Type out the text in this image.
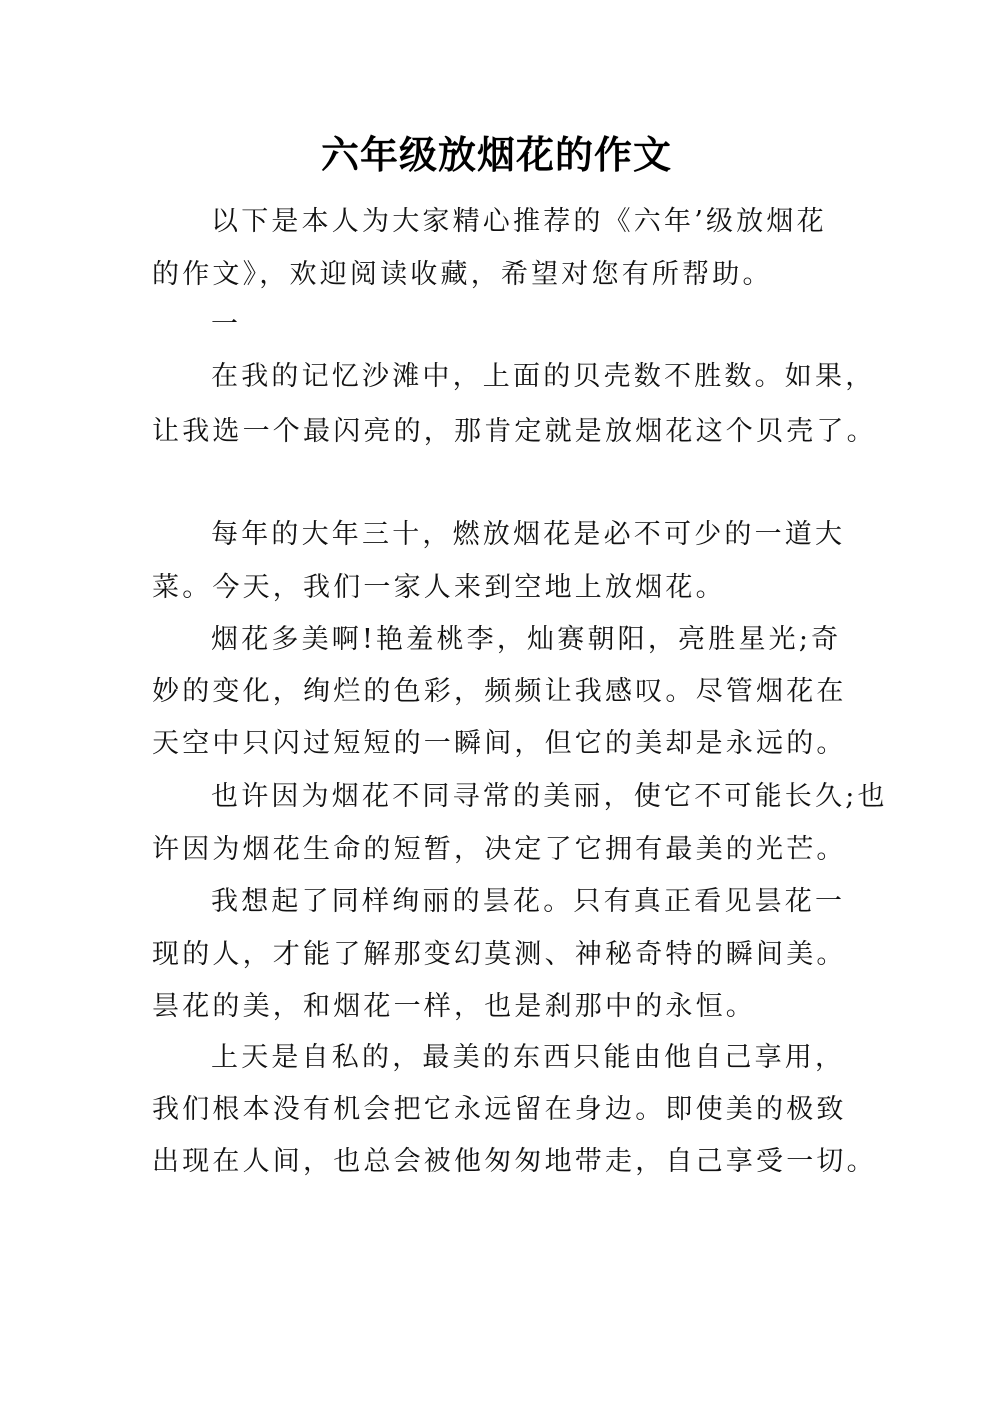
六年级放烟花的作文
以下是本人为大家精心推荐的《六年’级放烟花
的作文》，欢迎阅读收藏，希望对您有所帮助。
一
在我的记忆沙滩中，上面的贝壳数不胜数。如果，
让我选一个最闪亮的，那肯定就是放烟花这个贝壳了。
每年的大年三十，燃放烟花是必不可少的一道大
菜。今天，我们一家人来到空地上放烟花。
烟花多美啊!艳羞桃李，灿赛朝阳，亮胜星光;奇
妙的变化，绚烂的色彩，频频让我感叹。尽管烟花在
天空中只闪过短短的一瞬间，但它的美却是永远的。
也许因为烟花不同寻常的美丽，使它不可能长久;也
许因为烟花生命的短暂，决定了它拥有最美的光芒。
我想起了同样绚丽的昙花。只有真正看见昙花一
现的人，才能了解那变幻莫测、神秘奇特的瞬间美。
昙花的美，和烟花一样，也是刹那中的永恒。
上天是自私的，最美的东西只能由他自己享用，
我们根本没有机会把它永远留在身边。即使美的极致
出现在人间，也总会被他匆匆地带走，自己享受一切。
